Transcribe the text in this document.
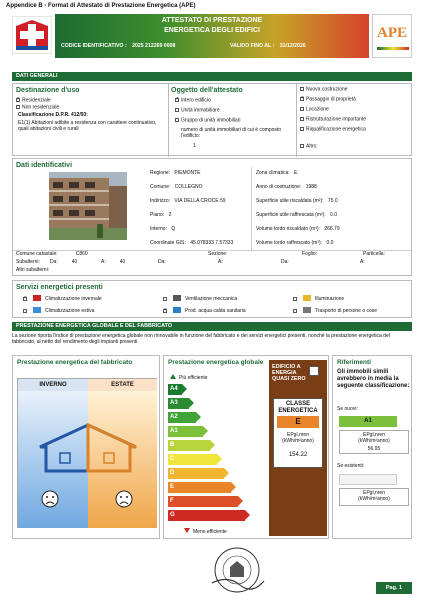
Appendice B - Format di Attestato di Prestazione Energetica (APE)
ATTESTATO DI PRESTAZIONE
ENERGETICA DEGLI EDIFICI
CODICE IDENTIFICATIVO : 2025 212269 0008	VALIDO FINO AL : 31/12/2026
APE
DATI GENERALI
Destinazione d'uso
×Residenziale
Non residenziale
Classificazione D.P.R. 412/93:
E1(1) Abitazioni adibite a residenza con carattere continuativo, quali abitazioni civili e rurali
Oggetto dell'attestato
×Intero edificio
Unità immobiliare
Gruppo di unità immobiliari
numero di unità immobiliari di cui è composto l'edificio:
1
Nuova costruzione
×Passaggio di proprietà
Locazione
Ristrutturazione importante
Riqualificazione energetica
Altro:
Dati identificativi
Regione: PIEMONTE
Comune: COLLEGNO
Indirizzo: VIA DELLA CROCE 59
Piano: 2
Interno: Q
Coordinate GIS: 45.078333 7.57333
Zona climatica: E
Anno di costruzione: 1988
Superficie utile riscaldata (m²): 75.0
Superficie utile raffrescata (m²): 0.0
Volume lordo riscaldato (m³): 266.79
Volume lordo raffrescato (m³): 0.0
Comune catastale:	C860	Sezione:	Foglio:	Particella:
Subalterni: Da:	40	A:	40	Da:	A:	Da:	A:
Altri subalterni:
Servizi energetici presenti
×Climatizzazione invernale	Ventilazione meccanica	Illuminazione
Climatizzazione estiva
×	Prod. acqua calda sanitaria	Trasporto di persone o cose
PRESTAZIONE ENERGETICA GLOBALE E DEL FABBRICATO
La sezione riporta l'indice di prestazione energetica globale non rinnovabile in funzione del fabbricato e dei servizi energetici presenti, nonché la prestazione energetica del fabbricato, al netto del rendimento degli impianti presenti.
Prestazione energetica del fabbricato
INVERNO	ESTATE
Prestazione energetica globale
Più efficiente
A4
A3
A2
A1
B
C
D
E
F
G
Meno efficiente
EDIFICIO A ENERGIA QUASI ZERO
CLASSE ENERGETICA
E
EPgl,nren
(kWh/m²anno)
154.22
Riferimenti
Gli immobili simili avrebbero in media la seguente classificazione:
Se nuovi:
A1
EPgl,nren
(kWh/m²anno)
56.95
Se esistenti:
EPgl,nren
(kWh/m²anno)
Pag. 1
